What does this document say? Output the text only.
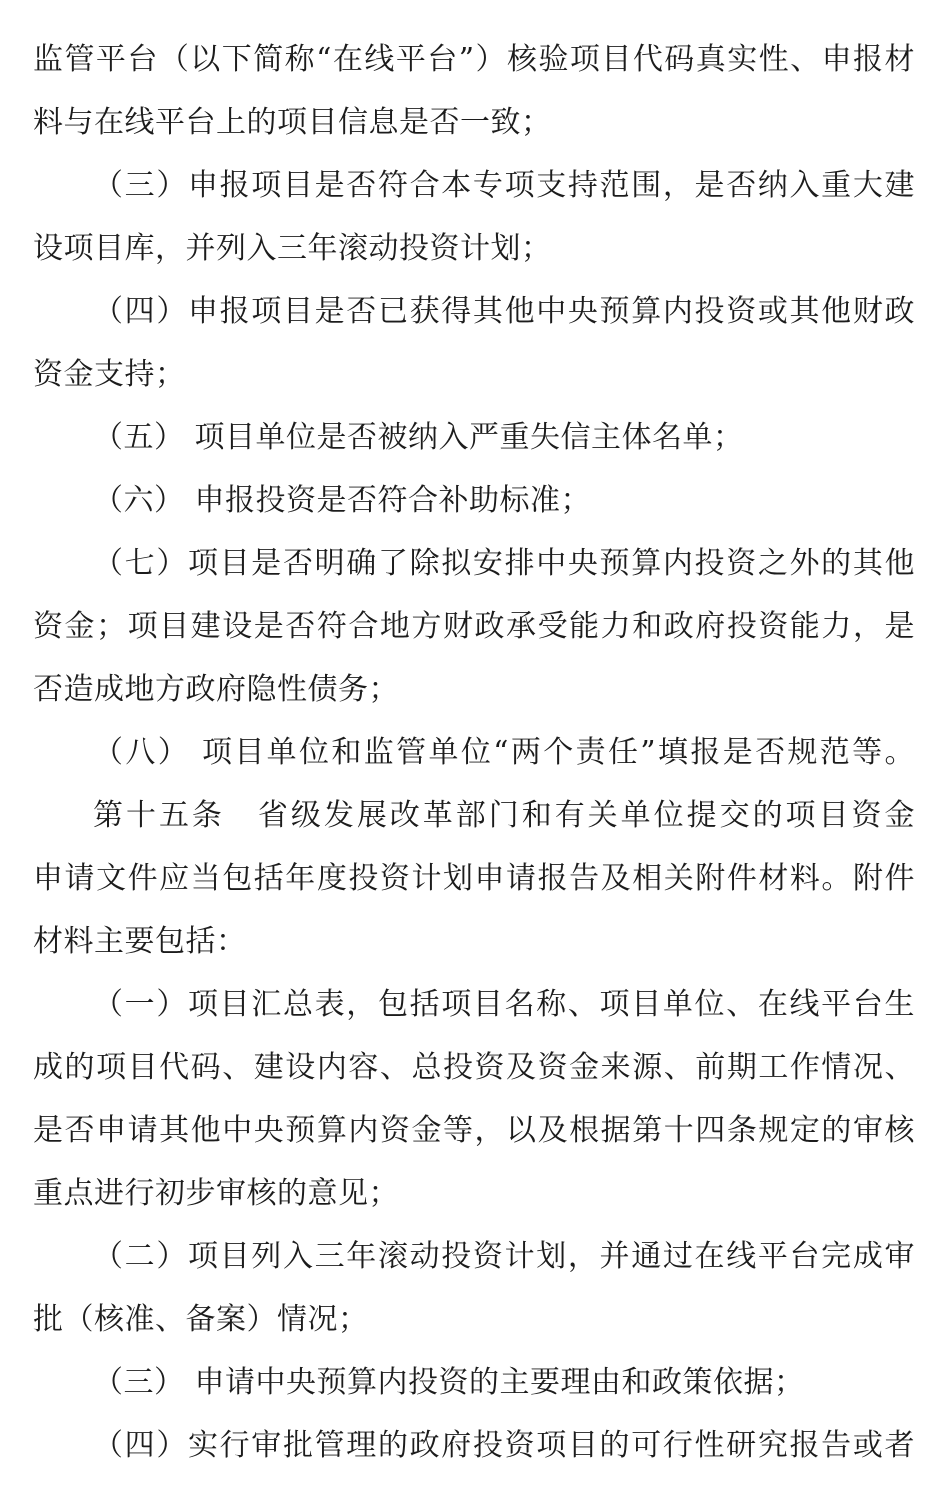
监管平台（以下简称“在线平台”）核验项目代码真实性、申报材
料与在线平台上的项目信息是否一致；
（三）申报项目是否符合本专项支持范围，是否纳入重大建
设项目库，并列入三年滚动投资计划；
（四）申报项目是否已获得其他中央预算内投资或其他财政
资金支持；
（五） 项目单位是否被纳入严重失信主体名单；
（六） 申报投资是否符合补助标准；
（七）项目是否明确了除拟安排中央预算内投资之外的其他
资金；项目建设是否符合地方财政承受能力和政府投资能力，是
否造成地方政府隐性债务；
（八） 项目单位和监管单位“两个责任”填报是否规范等。
第十五条　省级发展改革部门和有关单位提交的项目资金
申请文件应当包括年度投资计划申请报告及相关附件材料。附件
材料主要包括：
（一）项目汇总表，包括项目名称、项目单位、在线平台生
成的项目代码、建设内容、总投资及资金来源、前期工作情况、
是否申请其他中央预算内资金等，以及根据第十四条规定的审核
重点进行初步审核的意见；
（二）项目列入三年滚动投资计划，并通过在线平台完成审
批（核准、备案）情况；
（三） 申请中央预算内投资的主要理由和政策依据；
（四）实行审批管理的政府投资项目的可行性研究报告或者
